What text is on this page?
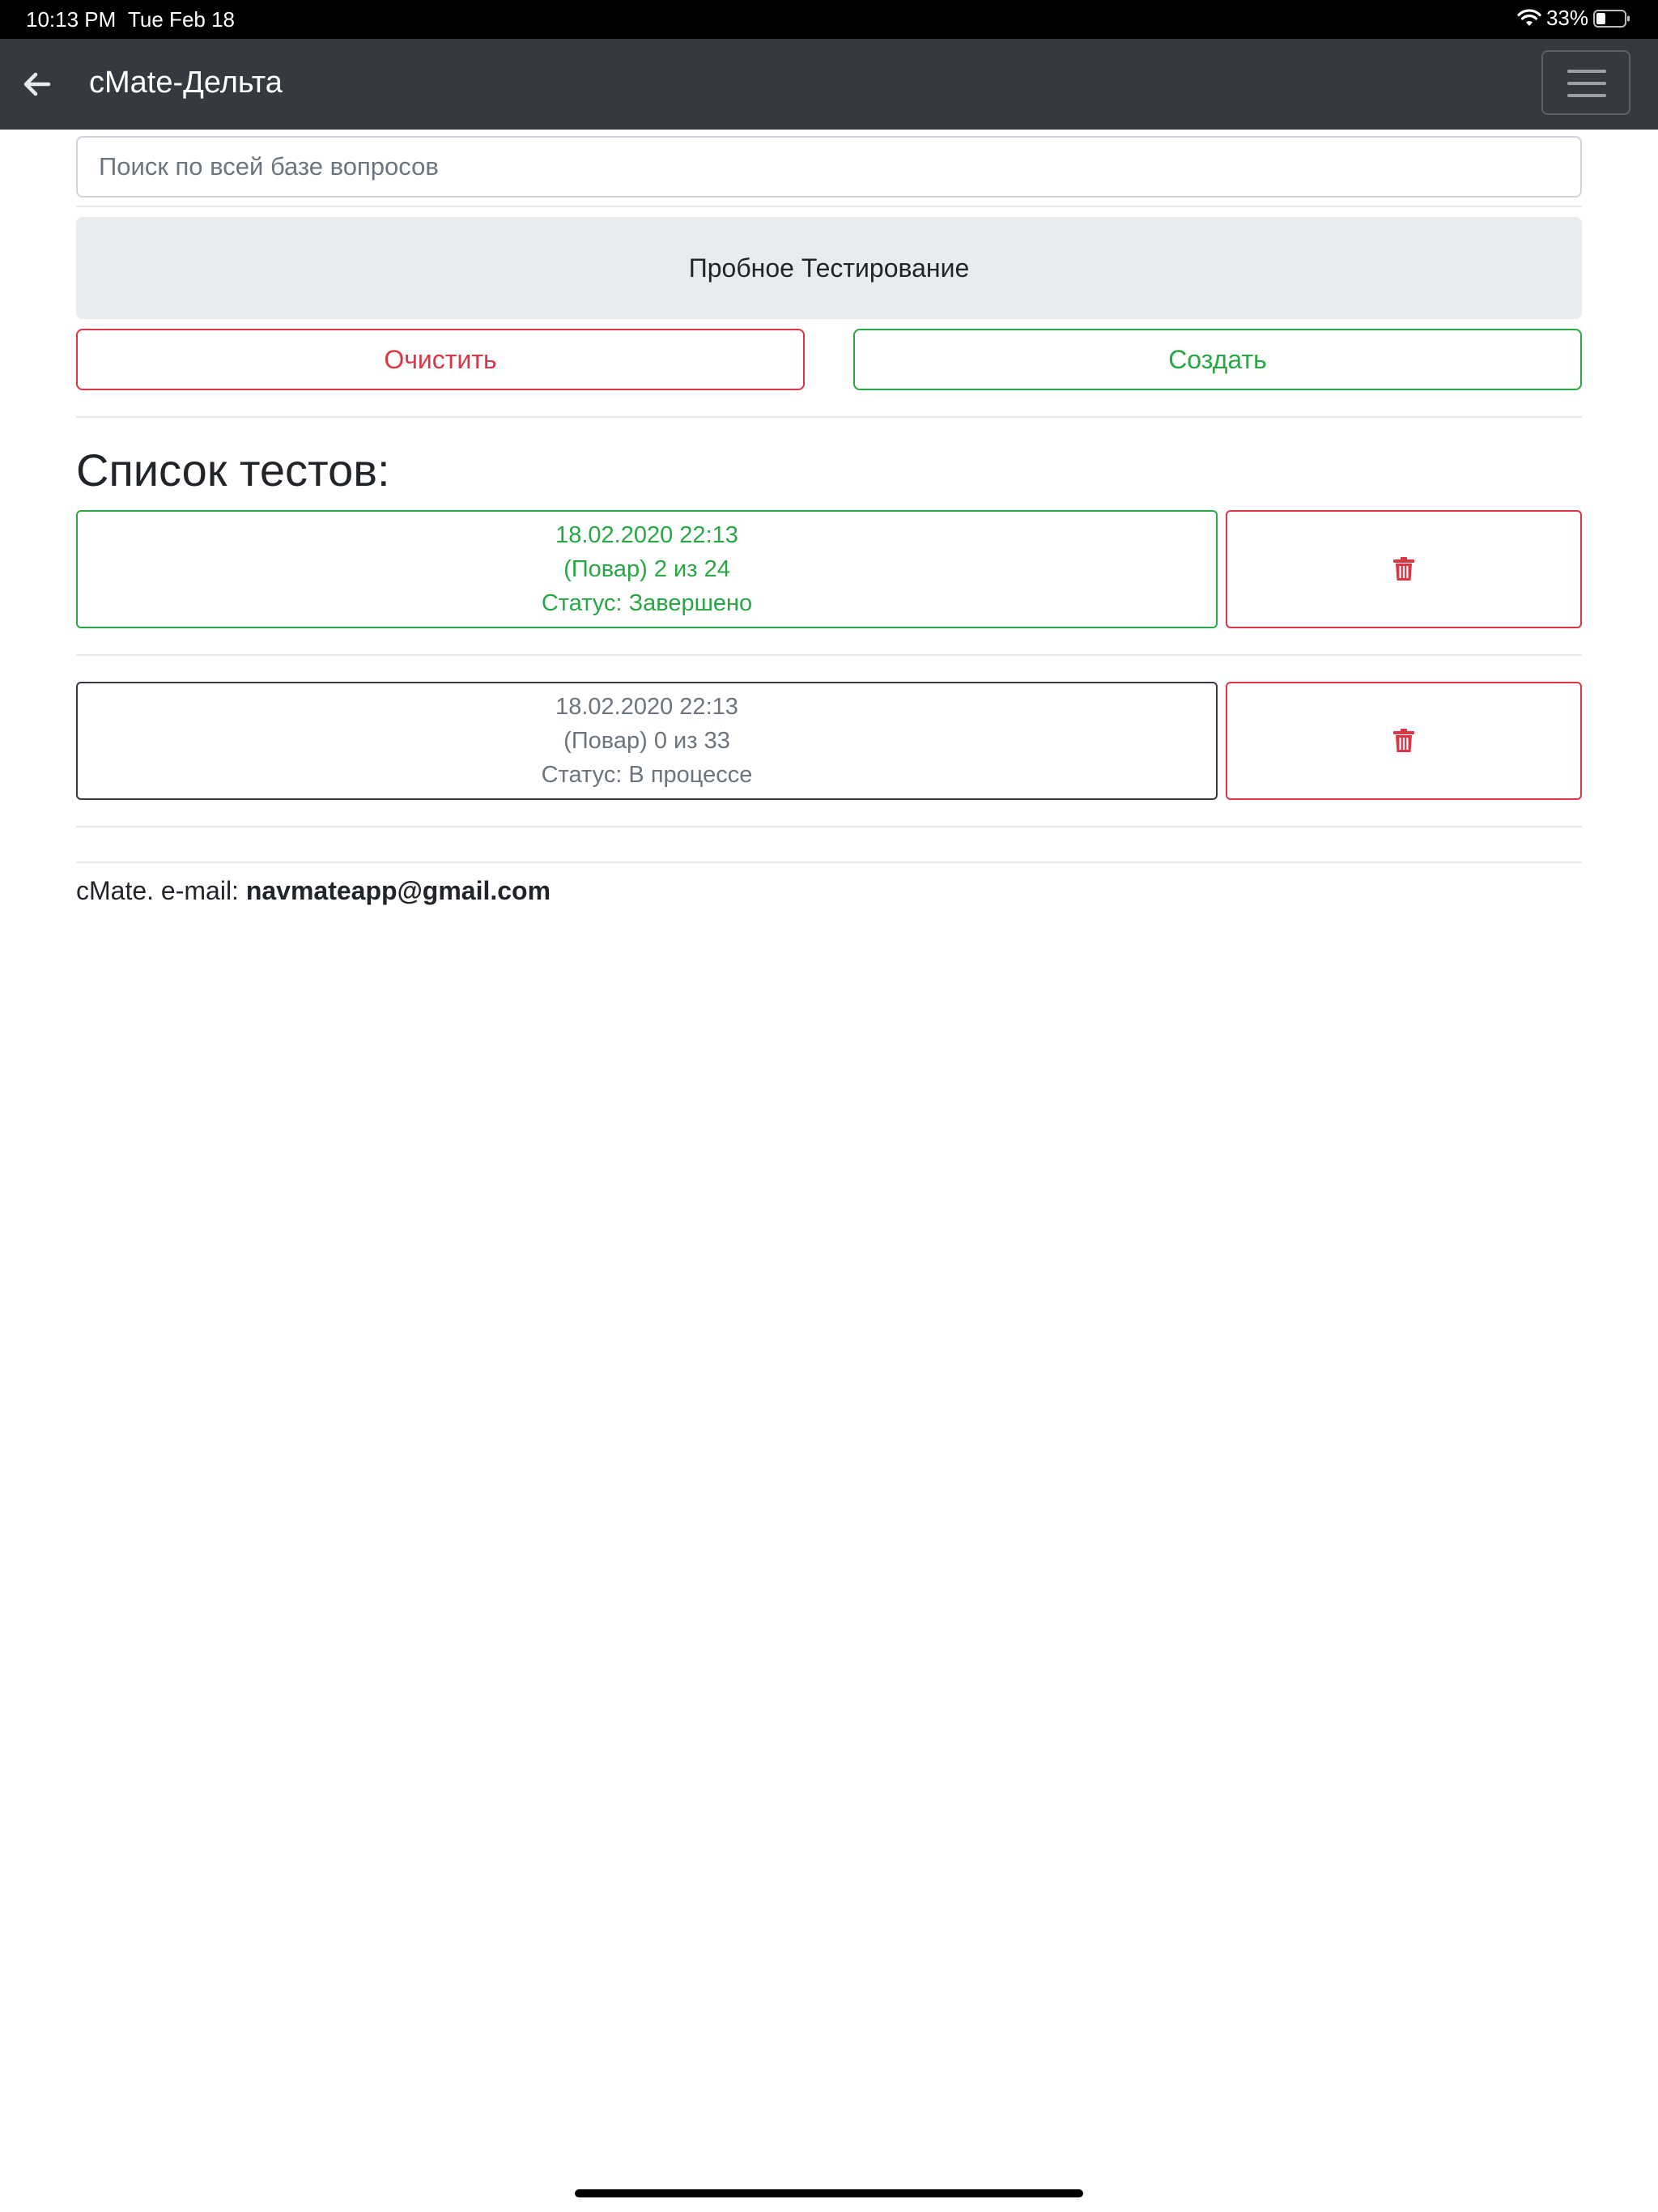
10:13 PM Tue Feb 18	33%
cMate-Дельта
Поиск по всей базе вопросов
Пробное Тестирование
Очистить	Создать
Список тестов:
18.02.2020 22:13
(Повар) 2 из 24
Статус: Завершено
18.02.2020 22:13
(Повар) 0 из 33
Статус: В процессе
cMate. e-mail: navmateapp@gmail.com
